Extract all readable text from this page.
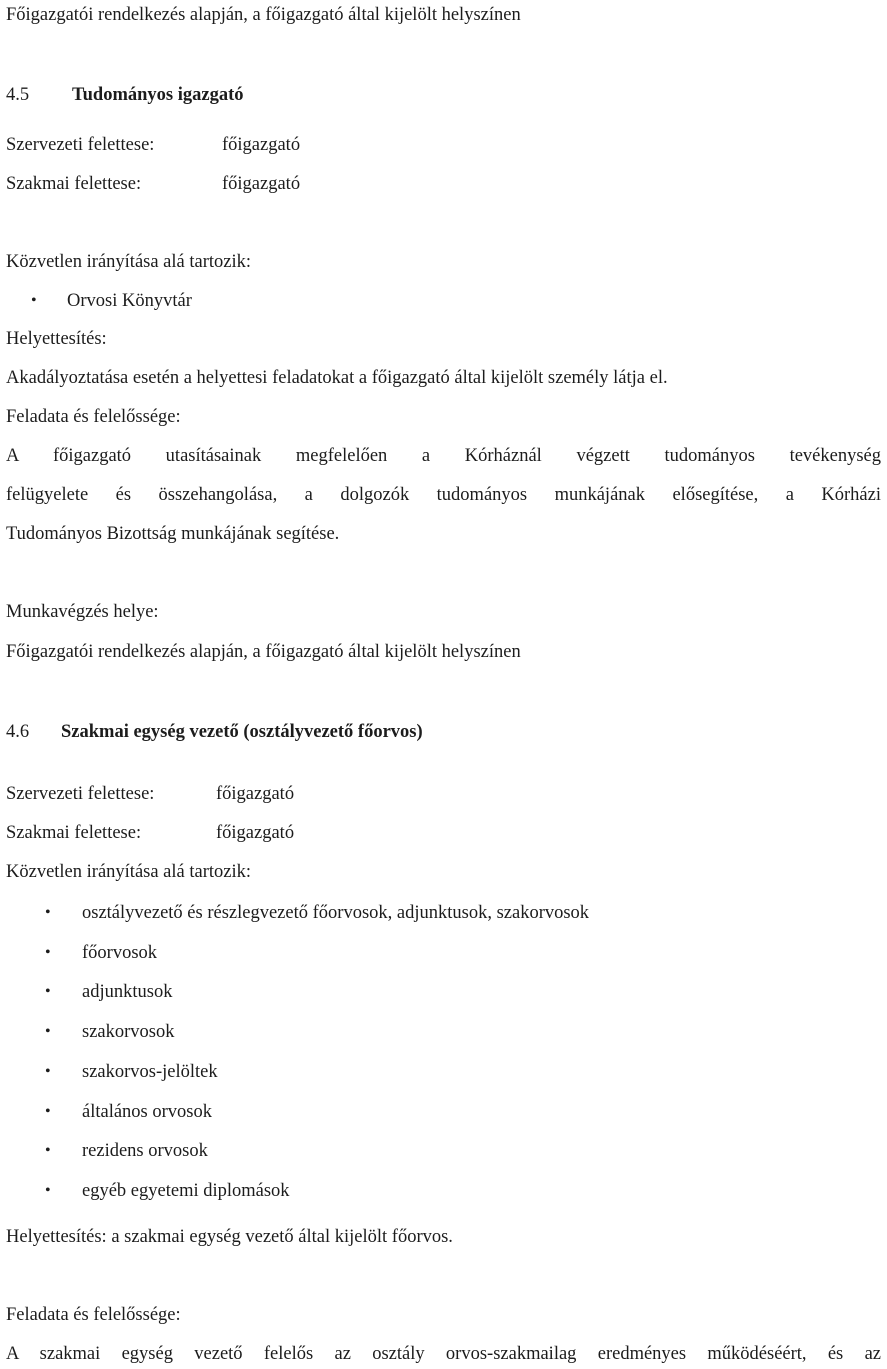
Főigazgatói rendelkezés alapján, a főigazgató által kijelölt helyszínen
4.5 Tudományos igazgató
Szervezeti felettese:	főigazgató
Szakmai felettese:	főigazgató
Közvetlen irányítása alá tartozik:
• Orvosi Könyvtár
Helyettesítés:
Akadályoztatása esetén a helyettesi feladatokat a főigazgató által kijelölt személy látja el.
Feladata és felelőssége:
A főigazgató utasításainak megfelelően a Kórháznál végzett tudományos tevékenység
felügyelete és összehangolása, a dolgozók tudományos munkájának elősegítése, a Kórházi
Tudományos Bizottság munkájának segítése.
Munkavégzés helye:
Főigazgatói rendelkezés alapján, a főigazgató által kijelölt helyszínen
4.6 Szakmai egység vezető (osztályvezető főorvos)
Szervezeti felettese:	főigazgató
Szakmai felettese:	főigazgató
Közvetlen irányítása alá tartozik:
• osztályvezető és részlegvezető főorvosok, adjunktusok, szakorvosok
• főorvosok
• adjunktusok
• szakorvosok
• szakorvos-jelöltek
• általános orvosok
• rezidens orvosok
• egyéb egyetemi diplomások
Helyettesítés: a szakmai egység vezető által kijelölt főorvos.
Feladata és felelőssége:
A szakmai egység vezető felelős az osztály orvos-szakmailag eredményes működéséért, és az
